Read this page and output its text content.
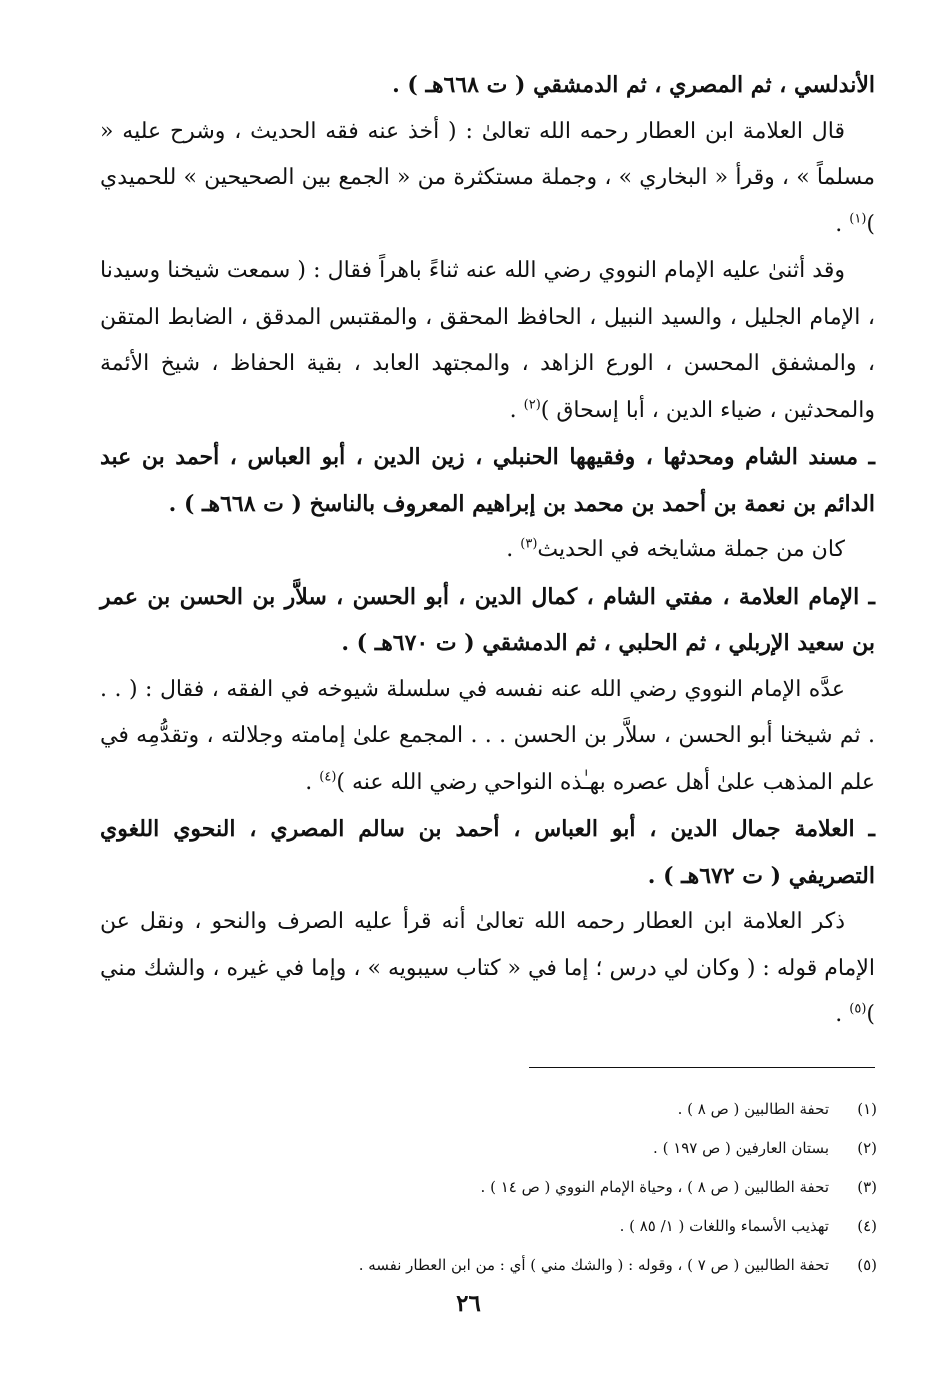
الأندلسي ، ثم المصري ، ثم الدمشقي ( ت ٦٦٨هـ ) .

قال العلامة ابن العطار رحمه الله تعالىٰ : ( أخذ عنه فقه الحديث ، وشرح عليه « مسلماً » ، وقرأ « البخاري » ، وجملة مستكثرة من « الجمع بين الصحيحين » للحميدي )$^{(١)}$ .

وقد أثنىٰ عليه الإمام النووي رضي الله عنه ثناءً باهراً فقال : ( سمعت شيخنا وسيدنا ، الإمام الجليل ، والسيد النبيل ، الحافظ المحقق ، والمقتبس المدقق ، الضابط المتقن ، والمشفق المحسن ، الورع الزاهد ، والمجتهد العابد ، بقية الحفاظ ، شيخ الأئمة والمحدثين ، ضياء الدين ، أبا إسحاق )$^{(٢)}$ .

ـ مسند الشام ومحدثها ، وفقيهها الحنبلي ، زين الدين ، أبو العباس ، أحمد بن عبد الدائم بن نعمة بن أحمد بن محمد بن إبراهيم المعروف بالناسخ ( ت ٦٦٨هـ ) .

كان من جملة مشايخه في الحديث$^{(٣)}$ .

ـ الإمام العلامة ، مفتي الشام ، كمال الدين ، أبو الحسن ، سلاَّر بن الحسن بن عمر بن سعيد الإربلي ، ثم الحلبي ، ثم الدمشقي ( ت ٦٧٠هـ ) .

عدَّه الإمام النووي رضي الله عنه نفسه في سلسلة شيوخه في الفقه ، فقال : ( . . . ثم شيخنا أبو الحسن ، سلاَّر بن الحسن . . . المجمع علىٰ إمامته وجلالته ، وتقدُّمِه في علم المذهب علىٰ أهل عصره بهـٰذه النواحي رضي الله عنه )$^{(٤)}$ .

ـ العلامة جمال الدين ، أبو العباس ، أحمد بن سالم المصري ، النحوي اللغوي التصريفي ( ت ٦٧٢هـ ) .

ذكر العلامة ابن العطار رحمه الله تعالىٰ أنه قرأ عليه الصرف والنحو ، ونقل عن الإمام قوله : ( وكان لي درس ؛ إما في « كتاب سيبويه » ، وإما في غيره ، والشك مني )$^{(٥)}$ .

(١)
تحفة الطالبين ( ص ٨ ) .
(٢)
بستان العارفين ( ص ١٩٧ ) .
(٣)
تحفة الطالبين ( ص ٨ ) ، وحياة الإمام النووي ( ص ١٤ ) .
(٤)
تهذيب الأسماء واللغات ( ١/ ٨٥ ) .
(٥)
تحفة الطالبين ( ص ٧ ) ، وقوله : ( والشك مني ) أي : من ابن العطار نفسه .
٢٦
